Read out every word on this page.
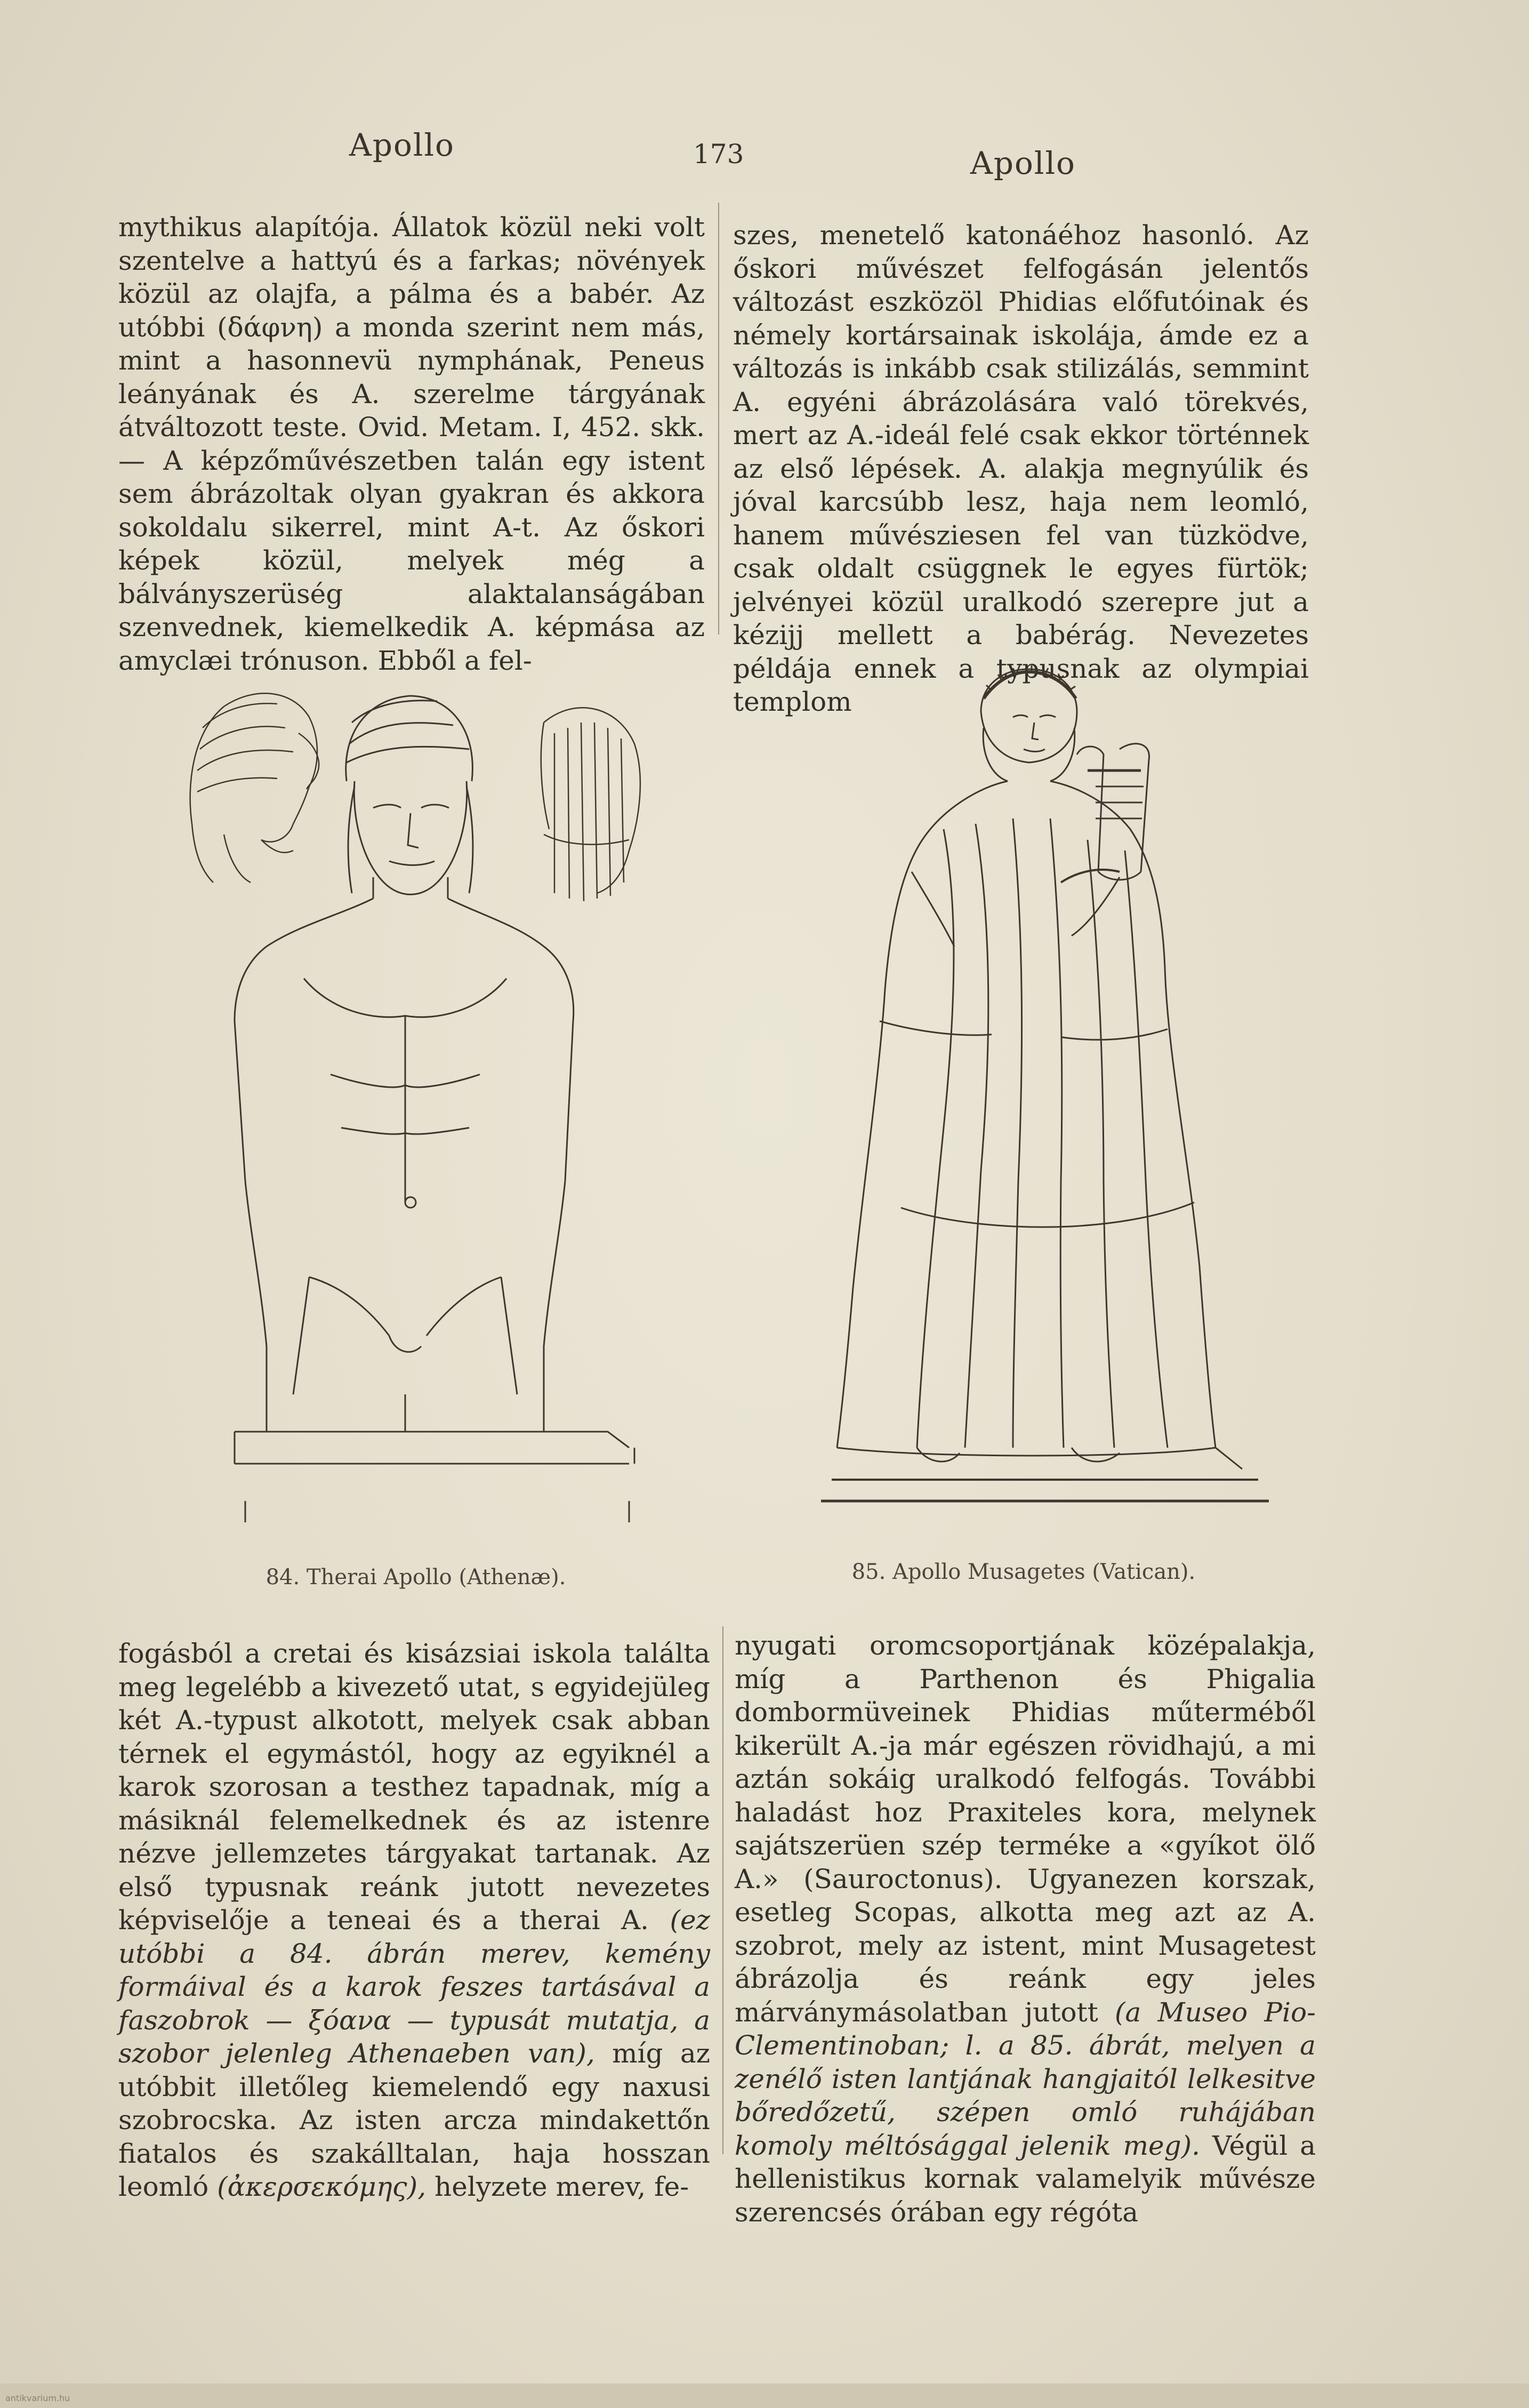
Apollo	173	Apollo
mythikus alapítója. Állatok közül neki volt szentelve a hattyú és a farkas; növények közül az olajfa, a pálma és a babér. Az utóbbi (δάφνη) a monda szerint nem más, mint a hasonnevü nymphának, Peneus leányának és A. szerelme tárgyának átváltozott teste. Ovid. Metam. I, 452. skk. — A képzőművészetben talán egy istent sem ábrázoltak olyan gyakran és akkora sokoldalu sikerrel, mint A-t. Az őskori képek közül, melyek még a bálványszerüség alaktalanságában szenvednek, kiemelkedik A. képmása az amyclæi trónuson. Ebből a fel-
szes, menetelő katonáéhoz hasonló. Az őskori művészet felfogásán jelentős változást eszközöl Phidias előfutóinak és némely kortársainak iskolája, ámde ez a változás is inkább csak stilizálás, semmint A. egyéni ábrázolására való törekvés, mert az A.-ideál felé csak ekkor történnek az első lépések. A. alakja megnyúlik és jóval karcsúbb lesz, haja nem leomló, hanem művésziesen fel van tüzködve, csak oldalt csüggnek le egyes fürtök; jelvényei közül uralkodó szerepre jut a kézijj mellett a babérág. Nevezetes példája ennek a typusnak az olympiai templom
84. Therai Apollo (Athenæ).	85. Apollo Musagetes (Vatican).

fogásból a cretai és kisázsiai iskola találta meg legelébb a kivezető utat, s egyidejüleg két A.-typust alkotott, melyek csak abban térnek el egymástól, hogy az egyiknél a karok szorosan a testhez tapadnak, míg a másiknál felemelkednek és az istenre nézve jellemzetes tárgyakat tartanak. Az első typusnak reánk jutott nevezetes képviselője a teneai és a therai A. (ez utóbbi a 84. ábrán merev, kemény formáival és a karok feszes tartásával a faszobrok — ξόανα — typusát mutatja, a szobor jelenleg Athenaeben van), míg az utóbbit illetőleg kiemelendő egy naxusi szobrocska. Az isten arcza mindakettőn fiatalos és szakálltalan, haja hosszan leomló (ἀκερσεκόμης), helyzete merev, fe-

nyugati oromcsoportjának középalakja, míg a Parthenon és Phigalia dombormüveinek Phidias műterméből kikerült A.-ja már egészen rövidhajú, a mi aztán sokáig uralkodó felfogás. További haladást hoz Praxiteles kora, melynek sajátszerüen szép terméke a «gyíkot ölő A.» (Sauroctonus). Ugyanezen korszak, esetleg Scopas, alkotta meg azt az A. szobrot, mely az istent, mint Musagetest ábrázolja és reánk egy jeles márványmásolatban jutott (a Museo Pio-Clementinoban; l. a 85. ábrát, melyen a zenélő isten lantjának hangjaitól lelkesitve bőredőzetű, szépen omló ruhájában komoly méltósággal jelenik meg). Végül a hellenistikus kornak valamelyik művésze szerencsés órában egy régóta

antikvarium.hu
